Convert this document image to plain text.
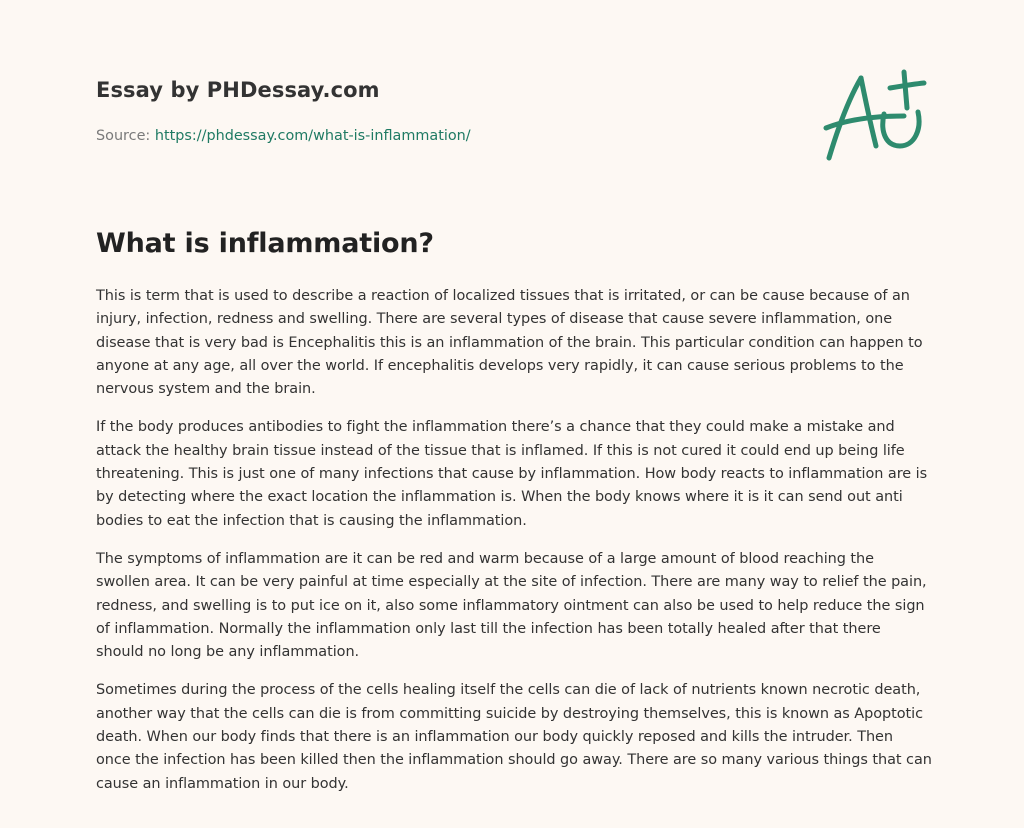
Essay by PHDessay.com
Source: https://phdessay.com/what-is-inflammation/
What is inflammation?

This is term that is used to describe a reaction of localized tissues that is irritated, or can be cause because of an injury, infection, redness and swelling. There are several types of disease that cause severe inflammation, one disease that is very bad is Encephalitis this is an inflammation of the brain. This particular condition can happen to anyone at any age, all over the world. If encephalitis develops very rapidly, it can cause serious problems to the nervous system and the brain.

If the body produces antibodies to fight the inflammation there’s a chance that they could make a mistake and attack the healthy brain tissue instead of the tissue that is inflamed. If this is not cured it could end up being life threatening. This is just one of many infections that cause by inflammation. How body reacts to inflammation are is by detecting where the exact location the inflammation is. When the body knows where it is it can send out anti bodies to eat the infection that is causing the inflammation.

The symptoms of inflammation are it can be red and warm because of a large amount of blood reaching the swollen area. It can be very painful at time especially at the site of infection. There are many way to relief the pain, redness, and swelling is to put ice on it, also some inflammatory ointment can also be used to help reduce the sign of inflammation. Normally the inflammation only last till the infection has been totally healed after that there should no long be any inflammation.

Sometimes during the process of the cells healing itself the cells can die of lack of nutrients known necrotic death, another way that the cells can die is from committing suicide by destroying themselves, this is known as Apoptotic death. When our body finds that there is an inflammation our body quickly reposed and kills the intruder. Then once the infection has been killed then the inflammation should go away. There are so many various things that can cause an inflammation in our body.
